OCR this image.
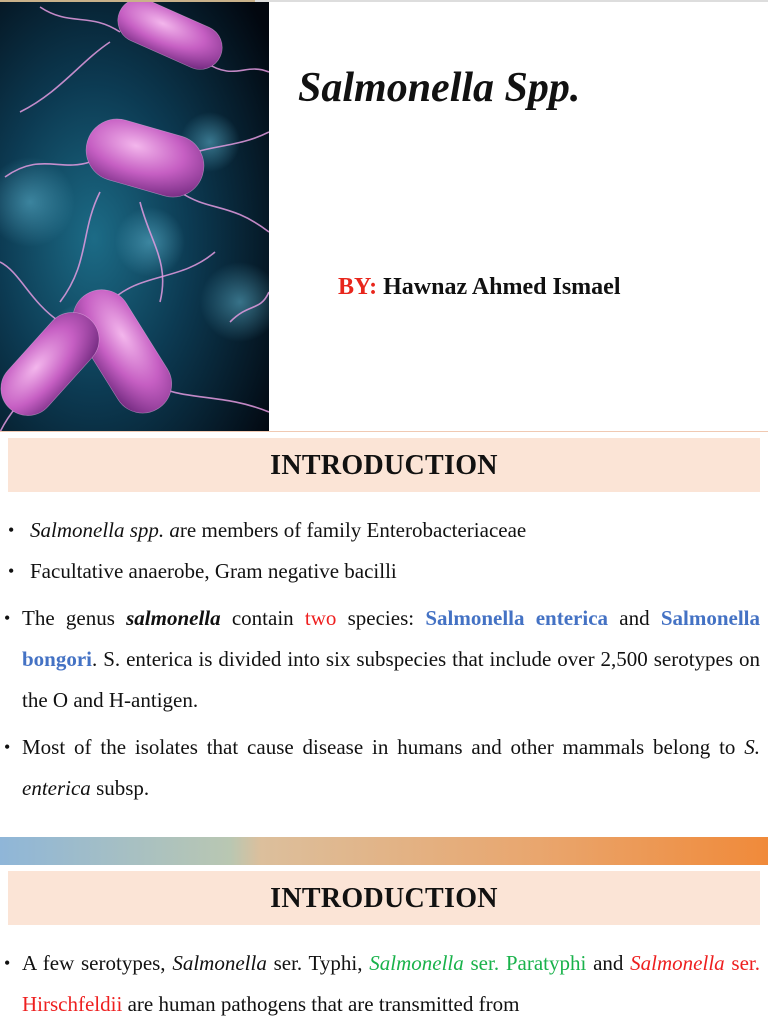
Salmonella Spp.
BY: Hawnaz Ahmed Ismael
INTRODUCTION
• Salmonella spp. are members of family Enterobacteriaceae
• Facultative anaerobe, Gram negative bacilli
• The genus salmonella contain two species: Salmonella enterica and Salmonella bongori. S. enterica is divided into six subspecies that include over 2,500 serotypes on the O and H-antigen.

• Most of the isolates that cause disease in humans and other mammals belong to S. enterica subsp.

INTRODUCTION
• A few serotypes, Salmonella ser. Typhi, Salmonella ser. Paratyphi and Salmonella ser. Hirschfeldii are human pathogens that are transmitted from
